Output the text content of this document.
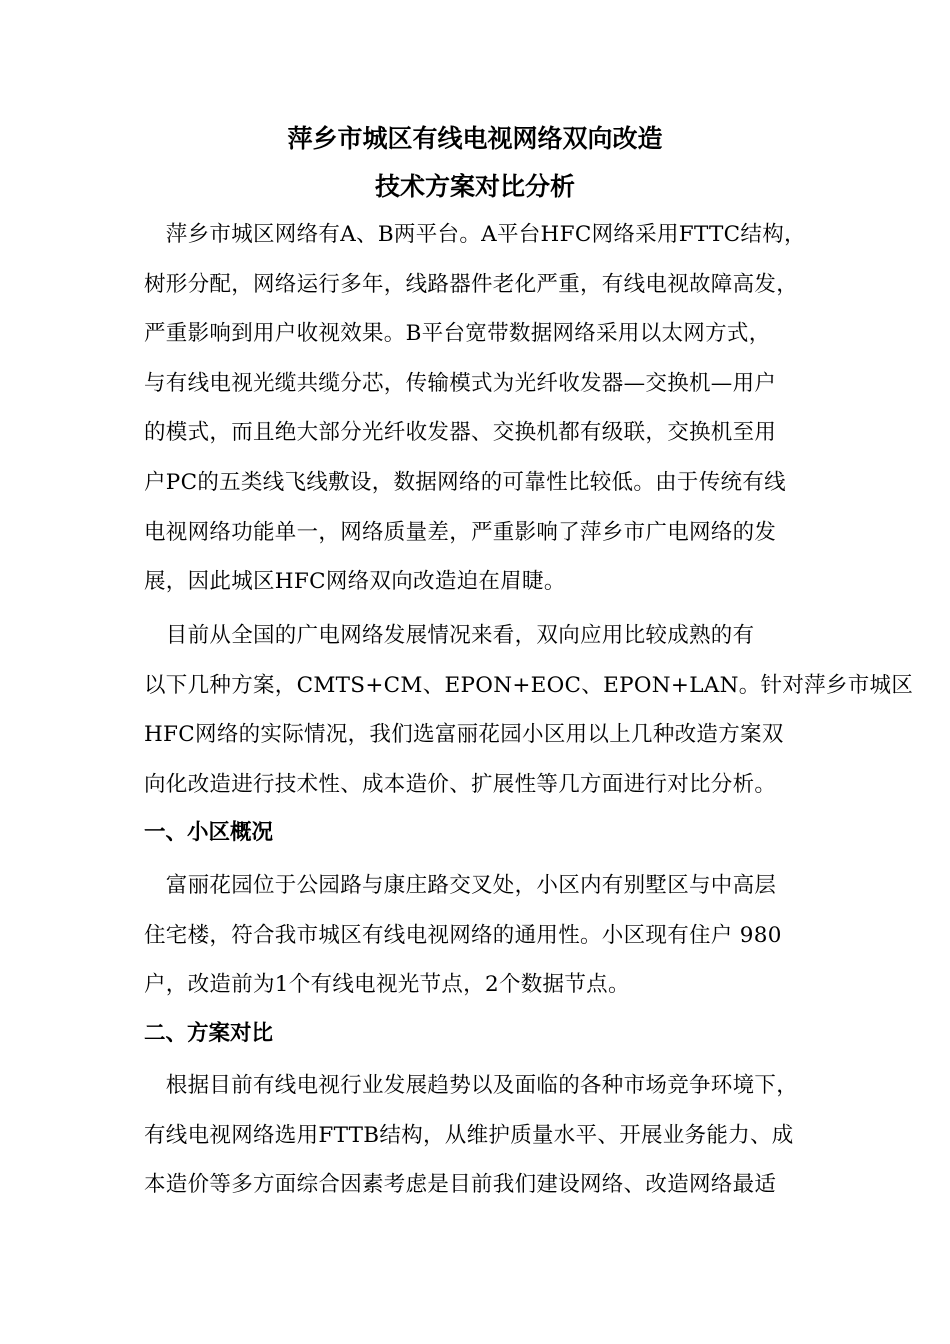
萍乡市城区有线电视网络双向改造
技术方案对比分析
　萍乡市城区网络有A、B两平台。A平台HFC网络采用FTTC结构，
树形分配，网络运行多年，线路器件老化严重，有线电视故障高发，
严重影响到用户收视效果。B平台宽带数据网络采用以太网方式，
与有线电视光缆共缆分芯，传输模式为光纤收发器—交换机—用户
的模式，而且绝大部分光纤收发器、交换机都有级联，交换机至用
户PC的五类线飞线敷设，数据网络的可靠性比较低。由于传统有线
电视网络功能单一，网络质量差，严重影响了萍乡市广电网络的发
展，因此城区HFC网络双向改造迫在眉睫。
　目前从全国的广电网络发展情况来看，双向应用比较成熟的有
以下几种方案，CMTS+CM、EPON+EOC、EPON+LAN。针对萍乡市城区
HFC网络的实际情况，我们选富丽花园小区用以上几种改造方案双
向化改造进行技术性、成本造价、扩展性等几方面进行对比分析。
一、小区概况
　富丽花园位于公园路与康庄路交叉处，小区内有别墅区与中高层
住宅楼，符合我市城区有线电视网络的通用性。小区现有住户 980
户，改造前为1个有线电视光节点，2个数据节点。
二、方案对比
　根据目前有线电视行业发展趋势以及面临的各种市场竞争环境下，
有线电视网络选用FTTB结构，从维护质量水平、开展业务能力、成
本造价等多方面综合因素考虑是目前我们建设网络、改造网络最适
